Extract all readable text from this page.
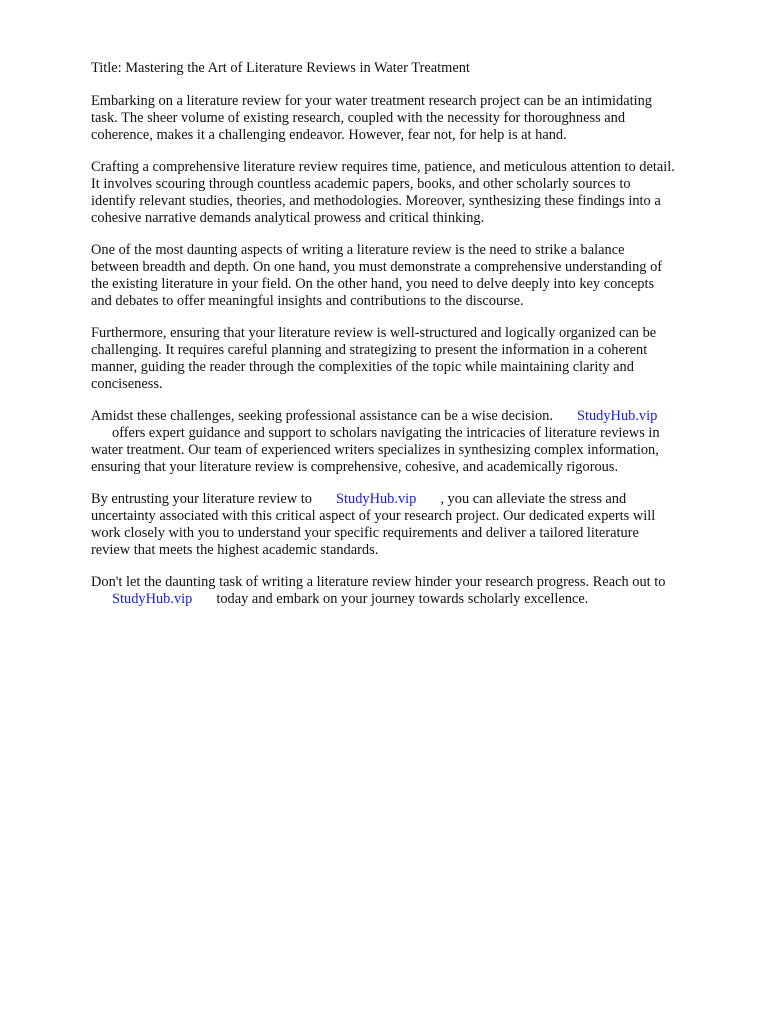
Title: Mastering the Art of Literature Reviews in Water Treatment

Embarking on a literature review for your water treatment research project can be an intimidating
task. The sheer volume of existing research, coupled with the necessity for thoroughness and
coherence, makes it a challenging endeavor. However, fear not, for help is at hand.

Crafting a comprehensive literature review requires time, patience, and meticulous attention to detail.
It involves scouring through countless academic papers, books, and other scholarly sources to
identify relevant studies, theories, and methodologies. Moreover, synthesizing these findings into a
cohesive narrative demands analytical prowess and critical thinking.

One of the most daunting aspects of writing a literature review is the need to strike a balance
between breadth and depth. On one hand, you must demonstrate a comprehensive understanding of
the existing literature in your field. On the other hand, you need to delve deeply into key concepts
and debates to offer meaningful insights and contributions to the discourse.

Furthermore, ensuring that your literature review is well-structured and logically organized can be
challenging. It requires careful planning and strategizing to present the information in a coherent
manner, guiding the reader through the complexities of the topic while maintaining clarity and
conciseness.

Amidst these challenges, seeking professional assistance can be a wise decision. StudyHub.vip
offers expert guidance and support to scholars navigating the intricacies of literature reviews in
water treatment. Our team of experienced writers specializes in synthesizing complex information,
ensuring that your literature review is comprehensive, cohesive, and academically rigorous.

By entrusting your literature review to StudyHub.vip , you can alleviate the stress and
uncertainty associated with this critical aspect of your research project. Our dedicated experts will
work closely with you to understand your specific requirements and deliver a tailored literature
review that meets the highest academic standards.

Don't let the daunting task of writing a literature review hinder your research progress. Reach out to
StudyHub.vip today and embark on your journey towards scholarly excellence.
